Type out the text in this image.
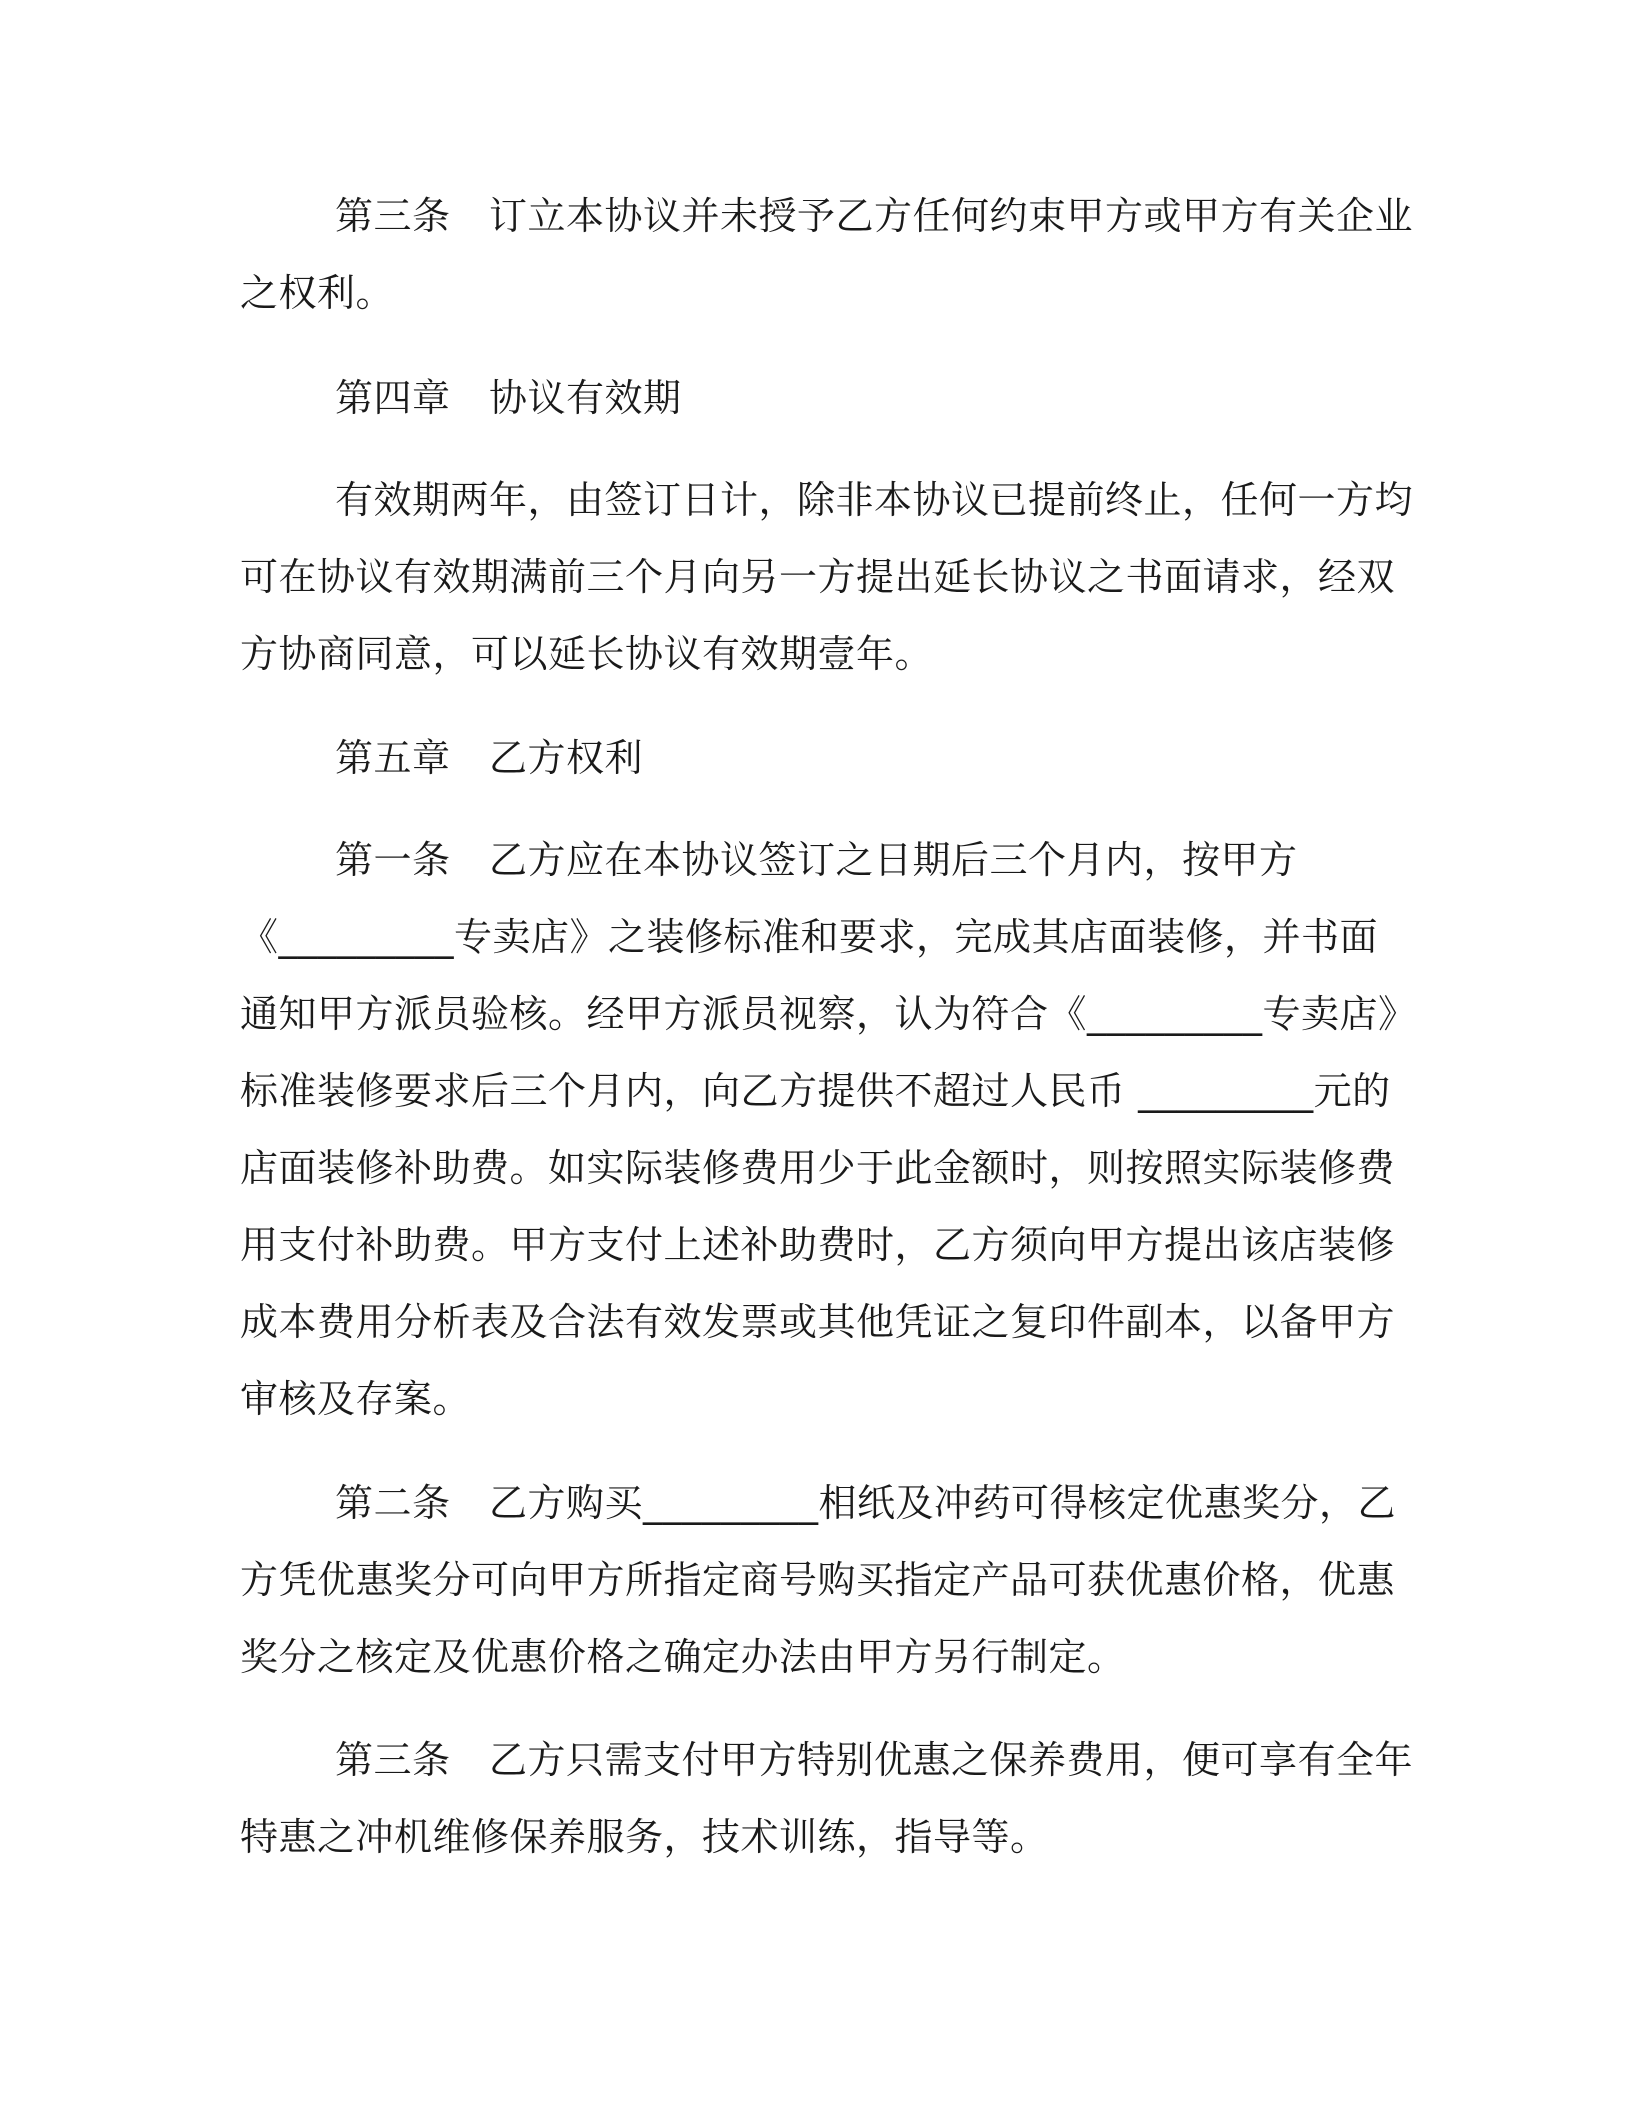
第三条　订立本协议并未授予乙方任何约束甲方或甲方有关企业
之权利。
第四章　协议有效期
有效期两年，由签订日计，除非本协议已提前终止，任何一方均
可在协议有效期满前三个月向另一方提出延长协议之书面请求，经双
方协商同意，可以延长协议有效期壹年。
第五章　乙方权利
第一条　乙方应在本协议签订之日期后三个月内，按甲方
《_________专卖店》之装修标准和要求，完成其店面装修，并书面
通知甲方派员验核。经甲方派员视察，认为符合《_________专卖店》
标准装修要求后三个月内，向乙方提供不超过人民币 _________元的
店面装修补助费。如实际装修费用少于此金额时，则按照实际装修费
用支付补助费。甲方支付上述补助费时，乙方须向甲方提出该店装修
成本费用分析表及合法有效发票或其他凭证之复印件副本，以备甲方
审核及存案。
第二条　乙方购买_________相纸及冲药可得核定优惠奖分，乙
方凭优惠奖分可向甲方所指定商号购买指定产品可获优惠价格，优惠
奖分之核定及优惠价格之确定办法由甲方另行制定。
第三条　乙方只需支付甲方特别优惠之保养费用，便可享有全年
特惠之冲机维修保养服务，技术训练，指导等。
